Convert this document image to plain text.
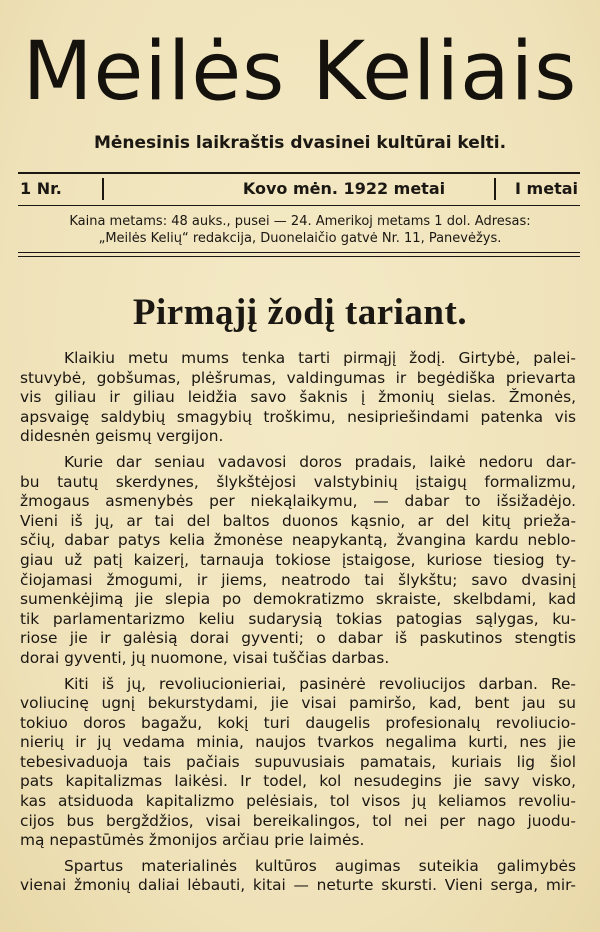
Meilės Keliais
Mėnesinis laikraštis dvasinei kultūrai kelti.
1 Nr.	Kovo mėn. 1922 metai	I metai
Kaina metams: 48 auks., pusei — 24. Amerikoj metams 1 dol. Adresas:
„Meilės Kelių“ redakcija, Duonelaičio gatvė Nr. 11, Panevėžys.
Pirmąjį žodį tariant.

Klaikiu metu mums tenka tarti pirmąjį žodį. Girtybė, palei-
stuvybė, gobšumas, plėšrumas, valdingumas ir begėdiška prievarta
vis giliau ir giliau leidžia savo šaknis į žmonių sielas. Žmonės,
apsvaigę saldybių smagybių troškimu, nesipriešindami patenka vis
didesnėn geismų vergijon.

Kurie dar seniau vadavosi doros pradais, laikė nedoru dar-
bu tautų skerdynes, šlykštėjosi valstybinių įstaigų formalizmu,
žmogaus asmenybės per niekąlaikymu, — dabar to išsižadėjo.
Vieni iš jų, ar tai del baltos duonos kąsnio, ar del kitų prieža-
sčių, dabar patys kelia žmonėse neapykantą, žvangina kardu neblo-
giau už patį kaizerį, tarnauja tokiose įstaigose, kuriose tiesiog ty-
čiojamasi žmogumi, ir jiems, neatrodo tai šlykštu; savo dvasinį
sumenkėjimą jie slepia po demokratizmo skraiste, skelbdami, kad
tik parlamentarizmo keliu sudarysią tokias patogias sąlygas, ku-
riose jie ir galėsią dorai gyventi; o dabar iš paskutinos stengtis
dorai gyventi, jų nuomone, visai tuščias darbas.

Kiti iš jų, revoliucionieriai, pasinėrė revoliucijos darban. Re-
voliucinę ugnį bekurstydami, jie visai pamiršo, kad, bent jau su
tokiuo doros bagažu, kokį turi daugelis profesionalų revoliucio-
nierių ir jų vedama minia, naujos tvarkos negalima kurti, nes jie
tebesivaduoja tais pačiais supuvusiais pamatais, kuriais lig šiol
pats kapitalizmas laikėsi. Ir todel, kol nesudegins jie savy visko,
kas atsiduoda kapitalizmo pelėsiais, tol visos jų keliamos revoliu-
cijos bus bergždžios, visai bereikalingos, tol nei per nago juodu-
mą nepastūmės žmonijos arčiau prie laimės.

Spartus materialinės kultūros augimas suteikia galimybės
vienai žmonių daliai lėbauti, kitai — neturte skursti. Vieni serga, mir-
